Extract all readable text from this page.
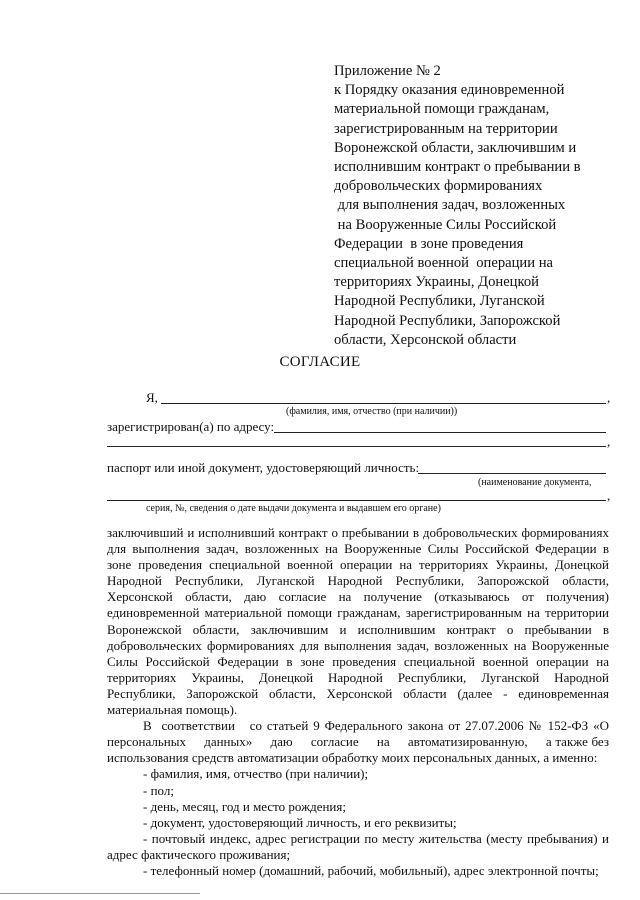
Приложение № 2
к Порядку оказания единовременной
материальной помощи гражданам,
зарегистрированным на территории
Воронежской области, заключившим и
исполнившим контракт о пребывании в
добровольческих формированиях
для выполнения задач, возложенных
на Вооруженные Силы Российской
Федерации  в зоне проведения
специальной военной  операции на
территориях Украины, Донецкой
Народной Республики, Луганской
Народной Республики, Запорожской
области, Херсонской области
СОГЛАСИЕ
Я,	,
(фамилия, имя, отчество (при наличии))
зарегистрирован(а) по адресу:
,
паспорт или иной документ, удостоверяющий личность:
(наименование документа,
,
серия, №, сведения о дате выдачи документа и выдавшем его органе)

заключивший и исполнивший контракт о пребывании в добровольческих формированиях для выполнения задач, возложенных на Вооруженные Силы Российской Федерации в зоне проведения специальной военной операции на территориях Украины, Донецкой Народной Республики, Луганской Народной Республики, Запорожской области, Херсонской области, даю согласие на получение (отказываюсь от получения) единовременной материальной помощи гражданам, зарегистрированным на территории Воронежской области, заключившим и исполнившим контракт о пребывании в добровольческих формированиях для выполнения задач, возложенных на Вооруженные Силы Российской Федерации в зоне проведения специальной военной операции на территориях Украины, Донецкой Народной Республики, Луганской Народной Республики, Запорожской области, Херсонской области (далее - единовременная материальная помощь).

В  соответствии   со статьей 9 Федерального закона от 27.07.2006 № 152-ФЗ «О персональных     данных»     даю     согласие     на     автоматизированную,     а также без использования средств автоматизации обработку моих персональных данных, а именно:

- фамилия, имя, отчество (при наличии);

- пол;

- день, месяц, год и место рождения;

- документ, удостоверяющий личность, и его реквизиты;

- почтовый индекс, адрес регистрации по месту жительства (месту пребывания) и адрес фактического проживания;

- телефонный номер (домашний, рабочий, мобильный), адрес электронной почты;
